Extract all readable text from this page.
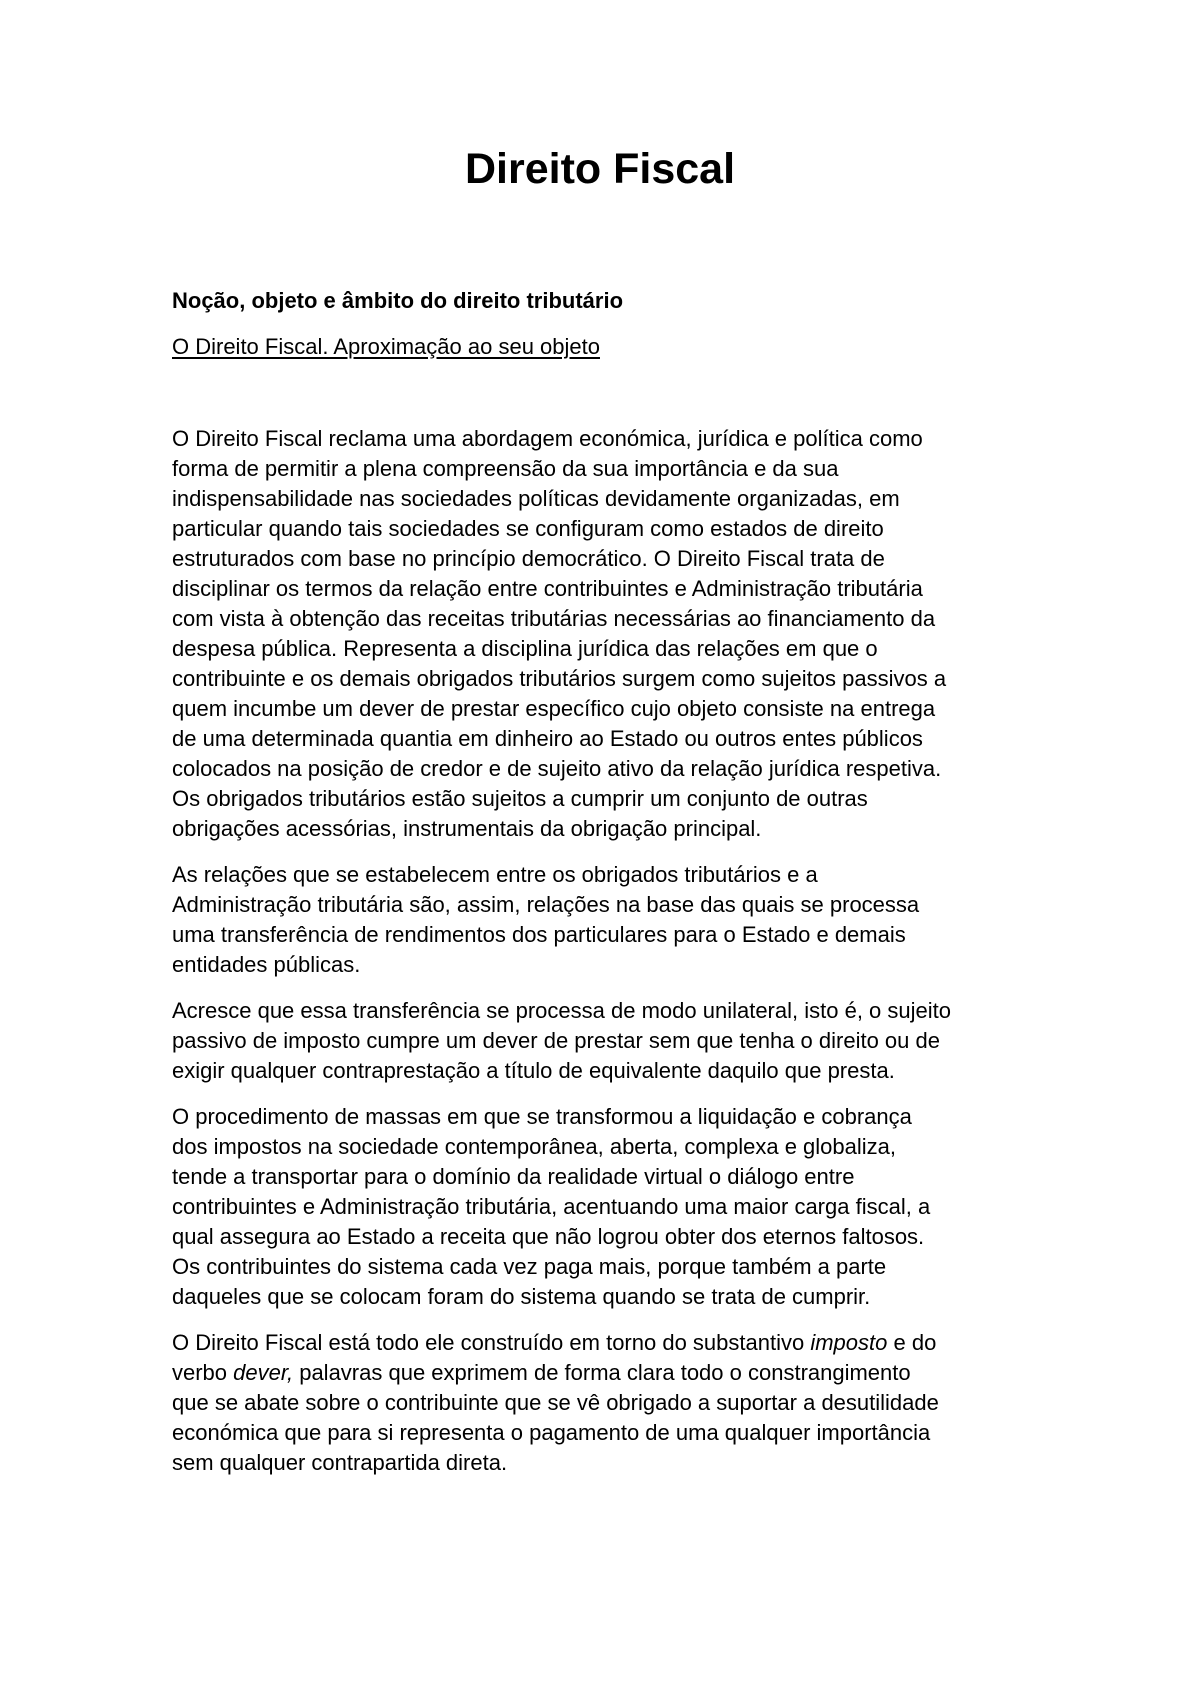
Direito Fiscal
Noção, objeto e âmbito do direito tributário

O Direito Fiscal. Aproximação ao seu objeto

O Direito Fiscal reclama uma abordagem económica, jurídica e política como
forma de permitir a plena compreensão da sua importância e da sua
indispensabilidade nas sociedades políticas devidamente organizadas, em
particular quando tais sociedades se configuram como estados de direito
estruturados com base no princípio democrático. O Direito Fiscal trata de
disciplinar os termos da relação entre contribuintes e Administração tributária
com vista à obtenção das receitas tributárias necessárias ao financiamento da
despesa pública. Representa a disciplina jurídica das relações em que o
contribuinte e os demais obrigados tributários surgem como sujeitos passivos a
quem incumbe um dever de prestar específico cujo objeto consiste na entrega
de uma determinada quantia em dinheiro ao Estado ou outros entes públicos
colocados na posição de credor e de sujeito ativo da relação jurídica respetiva.
Os obrigados tributários estão sujeitos a cumprir um conjunto de outras
obrigações acessórias, instrumentais da obrigação principal.

As relações que se estabelecem entre os obrigados tributários e a
Administração tributária são, assim, relações na base das quais se processa
uma transferência de rendimentos dos particulares para o Estado e demais
entidades públicas.

Acresce que essa transferência se processa de modo unilateral, isto é, o sujeito
passivo de imposto cumpre um dever de prestar sem que tenha o direito ou de
exigir qualquer contraprestação a título de equivalente daquilo que presta.

O procedimento de massas em que se transformou a liquidação e cobrança
dos impostos na sociedade contemporânea, aberta, complexa e globaliza,
tende a transportar para o domínio da realidade virtual o diálogo entre
contribuintes e Administração tributária, acentuando uma maior carga fiscal, a
qual assegura ao Estado a receita que não logrou obter dos eternos faltosos.
Os contribuintes do sistema cada vez paga mais, porque também a parte
daqueles que se colocam foram do sistema quando se trata de cumprir.

O Direito Fiscal está todo ele construído em torno do substantivo imposto e do
verbo dever, palavras que exprimem de forma clara todo o constrangimento
que se abate sobre o contribuinte que se vê obrigado a suportar a desutilidade
económica que para si representa o pagamento de uma qualquer importância
sem qualquer contrapartida direta.
